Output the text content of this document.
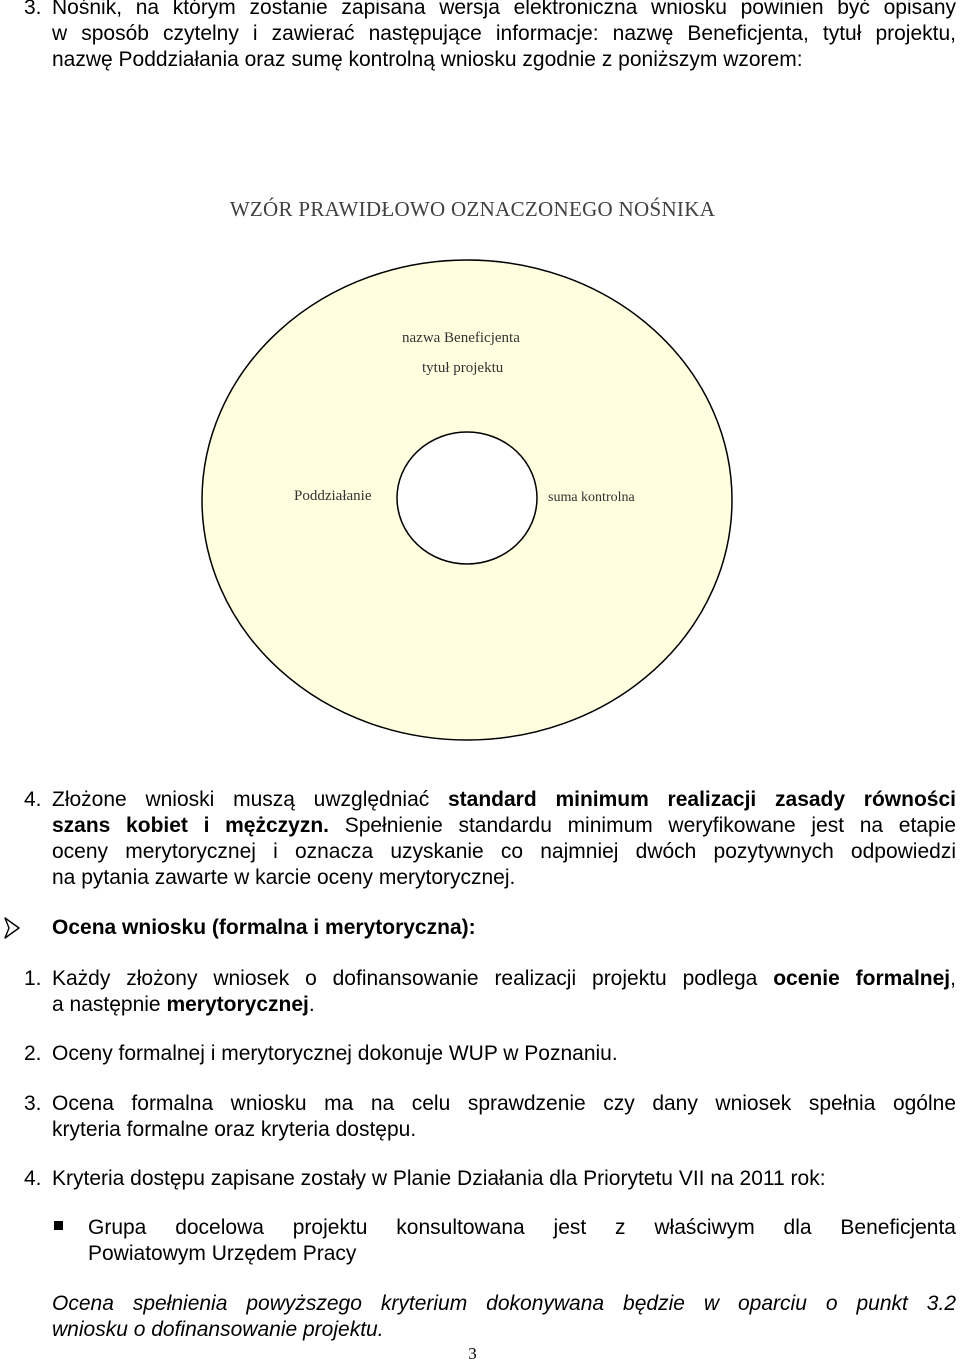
3. Nośnik, na którym zostanie zapisana wersja elektroniczna wniosku powinien być opisany
w sposób czytelny i zawierać następujące informacje: nazwę Beneficjenta, tytuł projektu,
nazwę Poddziałania oraz sumę kontrolną wniosku zgodnie z poniższym wzorem:
WZÓR PRAWIDŁOWO OZNACZONEGO NOŚNIKA
nazwa Beneficjenta
tytuł projektu
Poddziałanie	suma kontrolna
4. Złożone wnioski muszą uwzględniać standard minimum realizacji zasady równości
szans kobiet i mężczyzn. Spełnienie standardu minimum weryfikowane jest na etapie
oceny merytorycznej i oznacza uzyskanie co najmniej dwóch pozytywnych odpowiedzi
na pytania zawarte w karcie oceny merytorycznej.
Ocena wniosku (formalna i merytoryczna):
1. Każdy złożony wniosek o dofinansowanie realizacji projektu podlega ocenie formalnej,
a następnie merytorycznej.
2. Oceny formalnej i merytorycznej dokonuje WUP w Poznaniu.
3. Ocena formalna wniosku ma na celu sprawdzenie czy dany wniosek spełnia ogólne
kryteria formalne oraz kryteria dostępu.
4. Kryteria dostępu zapisane zostały w Planie Działania dla Priorytetu VII na 2011 rok:
Grupa docelowa projektu konsultowana jest z właściwym dla Beneficjenta
Powiatowym Urzędem Pracy
Ocena spełnienia powyższego kryterium dokonywana będzie w oparciu o punkt 3.2
wniosku o dofinansowanie projektu.
3
